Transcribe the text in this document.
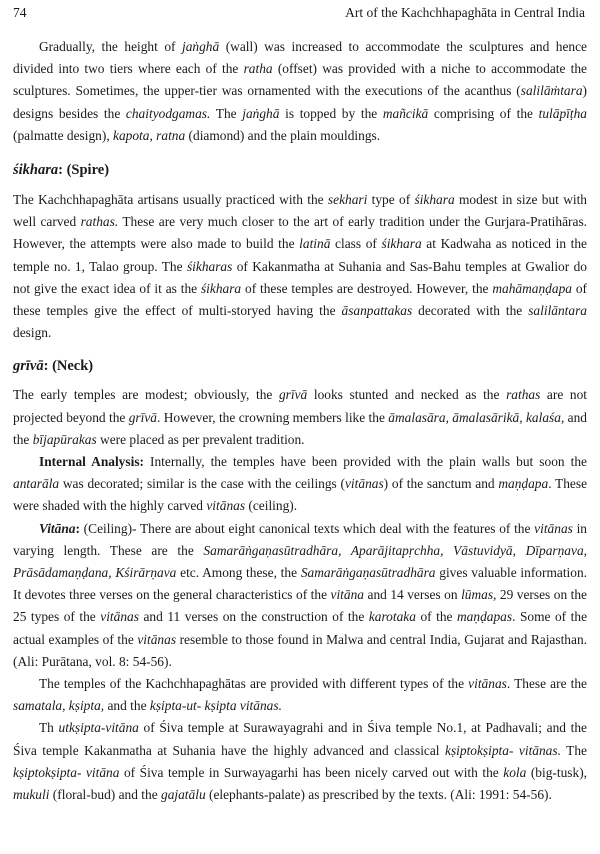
74	Art of the Kachchhapaghāta in Central India

Gradually, the height of jaṅghā (wall) was increased to accommodate the sculptures and hence divided into two tiers where each of the ratha (offset) was provided with a niche to accommodate the sculptures. Sometimes, the upper-tier was ornamented with the executions of the acanthus (salilāṁtara) designs besides the chaityodgamas. The jaṅghā is topped by the mañcikā comprising of the tulāpīṭha (palmatte design), kapota, ratna (diamond) and the plain mouldings.

śikhara: (Spire)

The Kachchhapaghāta artisans usually practiced with the sekhari type of śikhara modest in size but with well carved rathas. These are very much closer to the art of early tradition under the Gurjara-Pratihāras. However, the attempts were also made to build the latinā class of śikhara at Kadwaha as noticed in the temple no. 1, Talao group. The śikharas of Kakanmatha at Suhania and Sas-Bahu temples at Gwalior do not give the exact idea of it as the śikhara of these temples are destroyed. However, the mahāmaṇḍapa of these temples give the effect of multi-storyed having the āsanpattakas decorated with the salilāntara design.

grīvā: (Neck)

The early temples are modest; obviously, the grīvā looks stunted and necked as the rathas are not projected beyond the grīvā. However, the crowning members like the āmalasāra, āmalasārikā, kalaśa, and the bījapūrakas were placed as per prevalent tradition.

Internal Analysis: Internally, the temples have been provided with the plain walls but soon the antarāla was decorated; similar is the case with the ceilings (vitānas) of the sanctum and maṇḍapa. These were shaded with the highly carved vitānas (ceiling).

Vitāna: (Ceiling)- There are about eight canonical texts which deal with the features of the vitānas in varying length. These are the Samarāṅgaṇasūtradhāra, Aparājitapṛchha, Vāstuvidyā, Dīparṇava, Prāsādamaṇḍana, Kśirārṇava etc. Among these, the Samarāṅgaṇasūtradhāra gives valuable information. It devotes three verses on the general characteristics of the vitāna and 14 verses on lūmas, 29 verses on the 25 types of the vitānas and 11 verses on the construction of the karotaka of the maṇḍapas. Some of the actual examples of the vitānas resemble to those found in Malwa and central India, Gujarat and Rajasthan. (Ali: Purātana, vol. 8: 54-56).

The temples of the Kachchhapaghātas are provided with different types of the vitānas. These are the samatala, kṣipta, and the kṣipta-ut- kṣipta vitānas.

Th utkṣipta-vitāna of Śiva temple at Surawayagrahi and in Śiva temple No.1, at Padhavali; and the Śiva temple Kakanmatha at Suhania have the highly advanced and classical kṣiptokṣipta- vitānas. The kṣiptokṣipta- vitāna of Śiva temple in Surwayagarhi has been nicely carved out with the kola (big-tusk), mukuli (floral-bud) and the gajatālu (elephants-palate) as prescribed by the texts. (Ali: 1991: 54-56).
